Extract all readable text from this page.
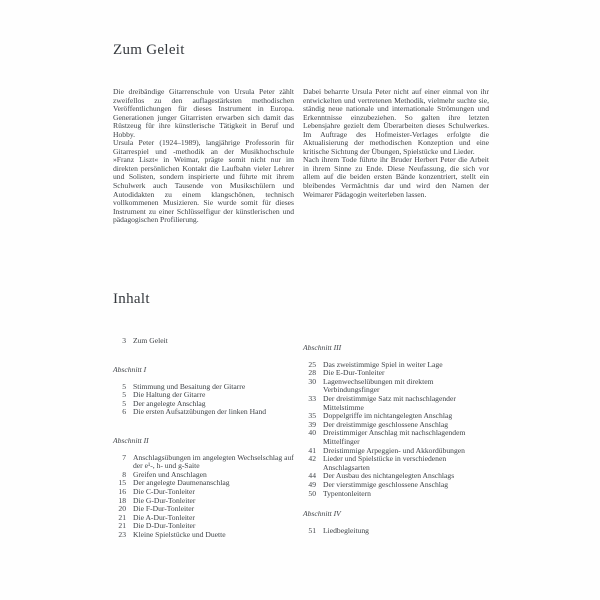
Zum Geleit

Die dreibändige Gitarrenschule von Ursula Peter zählt zweifellos zu den auflagestärksten methodischen Veröffentlichungen für dieses Instrument in Europa. Generationen junger Gitarristen erwarben sich damit das Rüstzeug für ihre künstlerische Tätigkeit in Beruf und Hobby.

Ursula Peter (1924–1989), langjährige Professorin für Gitarrespiel und -methodik an der Musikhochschule »Franz Liszt« in Weimar, prägte somit nicht nur im direkten persönlichen Kontakt die Laufbahn vieler Lehrer und Solisten, sondern inspirierte und führte mit ihrem Schulwerk auch Tausende von Musikschülern und Autodidakten zu einem klangschönen, technisch vollkommenen Musizieren. Sie wurde somit für dieses Instrument zu einer Schlüsselfigur der künstlerischen und pädagogischen Profilierung.

Dabei beharrte Ursula Peter nicht auf einer einmal von ihr entwickelten und vertretenen Methodik, vielmehr suchte sie, ständig neue nationale und internationale Strömungen und Erkenntnisse einzubeziehen. So galten ihre letzten Lebensjahre gezielt dem Überarbeiten dieses Schulwerkes. Im Auftrage des Hofmeister-Verlages erfolgte die Aktualisierung der methodischen Konzeption und eine kritische Sichtung der Übungen, Spielstücke und Lieder.

Nach ihrem Tode führte ihr Bruder Herbert Peter die Arbeit in ihrem Sinne zu Ende. Diese Neufassung, die sich vor allem auf die beiden ersten Bände konzentriert, stellt ein bleibendes Vermächtnis dar und wird den Namen der Weimarer Pädagogin weiterleben lassen.

Inhalt
3 Zum Geleit
Abschnitt I
5 Stimmung und Besaitung der Gitarre
5 Die Haltung der Gitarre
5 Der angelegte Anschlag
6 Die ersten Aufsatzübungen der linken Hand
Abschnitt II
7 Anschlagsübungen im angelegten Wechselschlag auf der e¹-, h- und g-Saite
8 Greifen und Anschlagen
15 Der angelegte Daumenanschlag
16 Die C-Dur-Tonleiter
18 Die G-Dur-Tonleiter
20 Die F-Dur-Tonleiter
21 Die A-Dur-Tonleiter
21 Die D-Dur-Tonleiter
23 Kleine Spielstücke und Duette
Abschnitt III
25 Das zweistimmige Spiel in weiter Lage
28 Die E-Dur-Tonleiter
30 Lagenwechselübungen mit direktem Verbindungsfinger
33 Der dreistimmige Satz mit nachschlagender Mittelstimme
35 Doppelgriffe im nichtangelegten Anschlag
39 Der dreistimmige geschlossene Anschlag
40 Dreistimmiger Anschlag mit nachschlagendem Mittelfinger
41 Dreistimmige Arpeggien- und Akkordübungen
42 Lieder und Spielstücke in verschiedenen Anschlagsarten
44 Der Ausbau des nichtangelegten Anschlags
49 Der vierstimmige geschlossene Anschlag
50 Typentonleitern
Abschnitt IV
51 Liedbegleitung
